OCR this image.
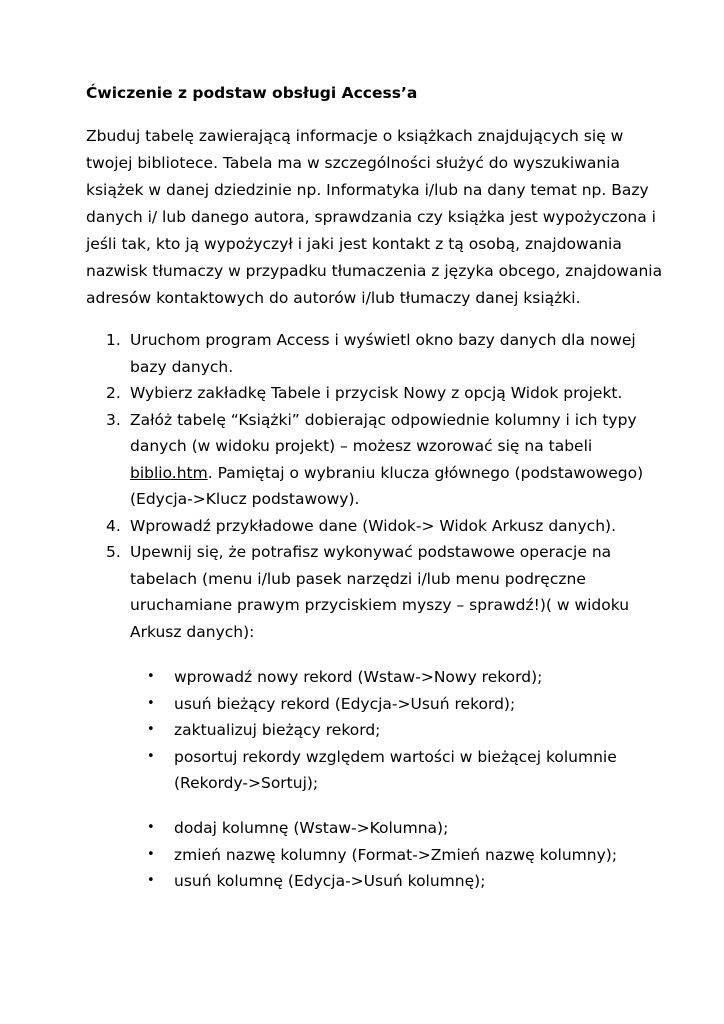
Ćwiczenie z podstaw obsługi Access’a
Zbuduj tabelę zawierającą informacje o książkach znajdujących się w
twojej bibliotece. Tabela ma w szczególności służyć do wyszukiwania
książek w danej dziedzinie np. Informatyka i/lub na dany temat np. Bazy
danych i/ lub danego autora, sprawdzania czy książka jest wypożyczona i
jeśli tak, kto ją wypożyczył i jaki jest kontakt z tą osobą, znajdowania
nazwisk tłumaczy w przypadku tłumaczenia z języka obcego, znajdowania
adresów kontaktowych do autorów i/lub tłumaczy danej książki.
1. Uruchom program Access i wyświetl okno bazy danych dla nowej
bazy danych.
2. Wybierz zakładkę Tabele i przycisk Nowy z opcją Widok projekt.
3. Załóż tabelę “Książki” dobierając odpowiednie kolumny i ich typy
danych (w widoku projekt) – możesz wzorować się na tabeli
biblio.htm. Pamiętaj o wybraniu klucza głównego (podstawowego)
(Edycja->Klucz podstawowy).
4. Wprowadź przykładowe dane (Widok-> Widok Arkusz danych).
5. Upewnij się, że potrafisz wykonywać podstawowe operacje na
tabelach (menu i/lub pasek narzędzi i/lub menu podręczne
uruchamiane prawym przyciskiem myszy – sprawdź!)( w widoku
Arkusz danych):
• wprowadź nowy rekord (Wstaw->Nowy rekord);
• usuń bieżący rekord (Edycja->Usuń rekord);
• zaktualizuj bieżący rekord;
• posortuj rekordy względem wartości w bieżącej kolumnie
(Rekordy->Sortuj);
• dodaj kolumnę (Wstaw->Kolumna);
• zmień nazwę kolumny (Format->Zmień nazwę kolumny);
• usuń kolumnę (Edycja->Usuń kolumnę);
